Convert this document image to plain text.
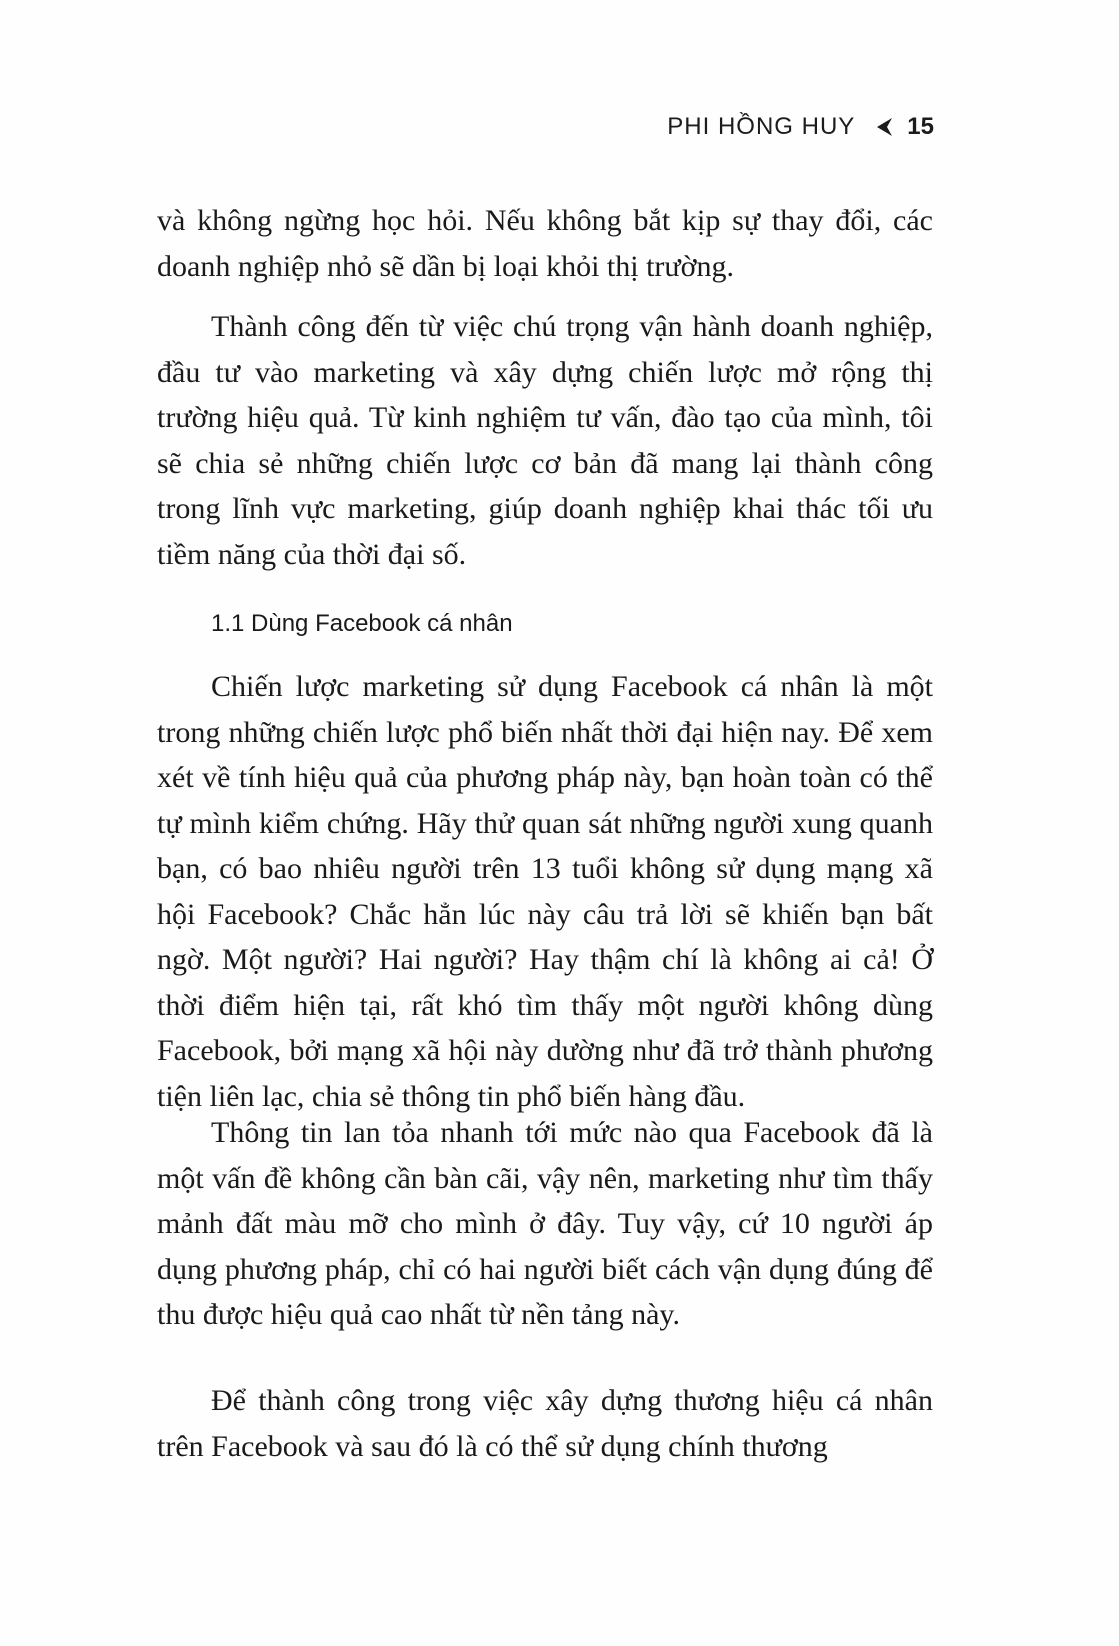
PHI HỒNG HUY 15

và không ngừng học hỏi. Nếu không bắt kịp sự thay đổi, các doanh nghiệp nhỏ sẽ dần bị loại khỏi thị trường.

Thành công đến từ việc chú trọng vận hành doanh nghiệp, đầu tư vào marketing và xây dựng chiến lược mở rộng thị trường hiệu quả. Từ kinh nghiệm tư vấn, đào tạo của mình, tôi sẽ chia sẻ những chiến lược cơ bản đã mang lại thành công trong lĩnh vực marketing, giúp doanh nghiệp khai thác tối ưu tiềm năng của thời đại số.

1.1 Dùng Facebook cá nhân

Chiến lược marketing sử dụng Facebook cá nhân là một trong những chiến lược phổ biến nhất thời đại hiện nay. Để xem xét về tính hiệu quả của phương pháp này, bạn hoàn toàn có thể tự mình kiểm chứng. Hãy thử quan sát những người xung quanh bạn, có bao nhiêu người trên 13 tuổi không sử dụng mạng xã hội Facebook? Chắc hẳn lúc này câu trả lời sẽ khiến bạn bất ngờ. Một người? Hai người? Hay thậm chí là không ai cả! Ở thời điểm hiện tại, rất khó tìm thấy một người không dùng Facebook, bởi mạng xã hội này dường như đã trở thành phương tiện liên lạc, chia sẻ thông tin phổ biến hàng đầu.

Thông tin lan tỏa nhanh tới mức nào qua Facebook đã là một vấn đề không cần bàn cãi, vậy nên, marketing như tìm thấy mảnh đất màu mỡ cho mình ở đây. Tuy vậy, cứ 10 người áp dụng phương pháp, chỉ có hai người biết cách vận dụng đúng để thu được hiệu quả cao nhất từ nền tảng này.

Để thành công trong việc xây dựng thương hiệu cá nhân trên Facebook và sau đó là có thể sử dụng chính thương
